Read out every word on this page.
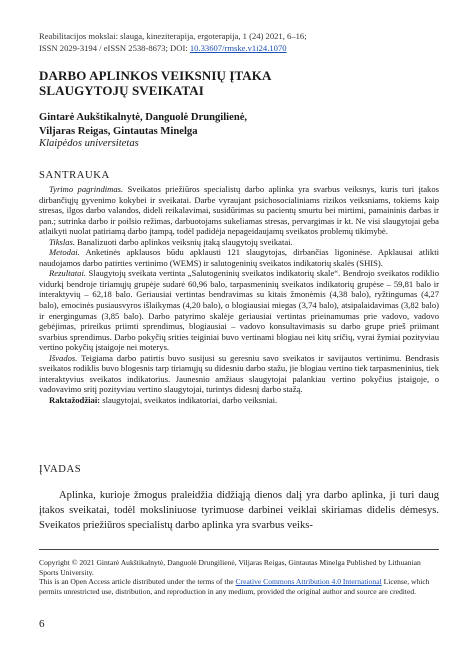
Reabilitacijos mokslai: slauga, kineziterapija, ergoterapija, 1 (24) 2021, 6–16;
ISSN 2029-3194 / eISSN 2538-8673; DOI: 10.33607/rmske.v1i24.1070
DARBO APLINKOS VEIKSNIŲ ĮTAKA
SLAUGYTOJŲ SVEIKATAI
Gintarė Aukštikalnytė, Danguolė Drungilienė,
Viljaras Reigas, Gintautas Minelga
Klaipėdos universitetas
SANTRAUKA

Tyrimo pagrindimas. Sveikatos priežiūros specialistų darbo aplinka yra svarbus veiksnys, kuris turi įtakos dirbančiųjų gyvenimo kokybei ir sveikatai. Darbe vyraujant psichosocialiniams rizikos veiksniams, tokiems kaip stresas, ilgos darbo valandos, dideli reikalavimai, susidūrimas su pacientų smurtu bei mirtimi, pamaininis darbas ir pan.; sutrinka darbo ir poilsio režimas, darbuotojams sukeliamas stresas, pervargimas ir kt. Ne visi slaugytojai geba atlaikyti nuolat patiriamą darbo įtampą, todėl padidėja nepageidaujamų sveikatos problemų tikimybė.

Tikslas. Banalizuoti darbo aplinkos veiksnių įtaką slaugytojų sveikatai.

Metodai. Anketinės apklausos būdu apklausti 121 slaugytojas, dirbančias ligoninėse. Apklausai atlikti naudojamos darbo patirties vertinimo (WEMS) ir salutogeninių sveikatos indikatorių skalės (SHIS).

Rezultatai. Slaugytojų sveikata vertinta „Salutogeninių sveikatos indikatorių skale“. Bendrojo sveikatos rodiklio vidurkį bendroje tiriamųjų grupėje sudarė 60,96 balo, tarpasmeninių sveikatos indikatorių grupėse – 59,81 balo ir interaktyvių – 62,18 balo. Geriausiai vertintas bendravimas su kitais žmonėmis (4,38 balo), ryžtingumas (4,27 balo), emocinės pusiausvyros išlaikymas (4,20 balo), o blogiausiai miegas (3,74 balo), atsipalaidavimas (3,82 balo) ir energingumas (3,85 balo). Darbo patyrimo skalėje geriausiai vertintas prieinamumas prie vadovo, vadovo gebėjimas, prireikus priimti sprendimus, blogiausiai – vadovo konsultavimasis su darbo grupe prieš priimant svarbius sprendimus. Darbo pokyčių srities teiginiai buvo vertinami blogiau nei kitų sričių, vyrai žymiai pozityviau vertino pokyčių įstaigoje nei moterys.

Išvados. Teigiama darbo patirtis buvo susijusi su geresniu savo sveikatos ir savijautos vertinimu. Bendrasis sveikatos rodiklis buvo blogesnis tarp tiriamųjų su didesniu darbo stažu, jie blogiau vertino tiek tarpasmeninius, tiek interaktyvius sveikatos indikatorius. Jaunesnio amžiaus slaugytojai palankiau vertino pokyčius įstaigoje, o vadovavimo sritį pozityviau vertino slaugytojai, turintys didesnį darbo stažą.

Raktažodžiai: slaugytojai, sveikatos indikatoriai, darbo veiksniai.

ĮVADAS

Aplinka, kurioje žmogus praleidžia didžiąją dienos dalį yra darbo aplinka, ji turi daug įtakos sveikatai, todėl moksliniuose tyrimuose darbinei veiklai skiriamas didelis dėmesys. Sveikatos priežiūros specialistų darbo aplinka yra svarbus veiks-

Copyright © 2021 Gintarė Aukštikalnytė, Danguolė Drungilienė, Viljaras Reigas, Gintautas Minelga Published by Lithuanian Sports University.

This is an Open Access article distributed under the terms of the Creative Commons Attribution 4.0 International License, which permits unrestricted use, distribution, and reproduction in any medium, provided the original author and source are credited.

6
